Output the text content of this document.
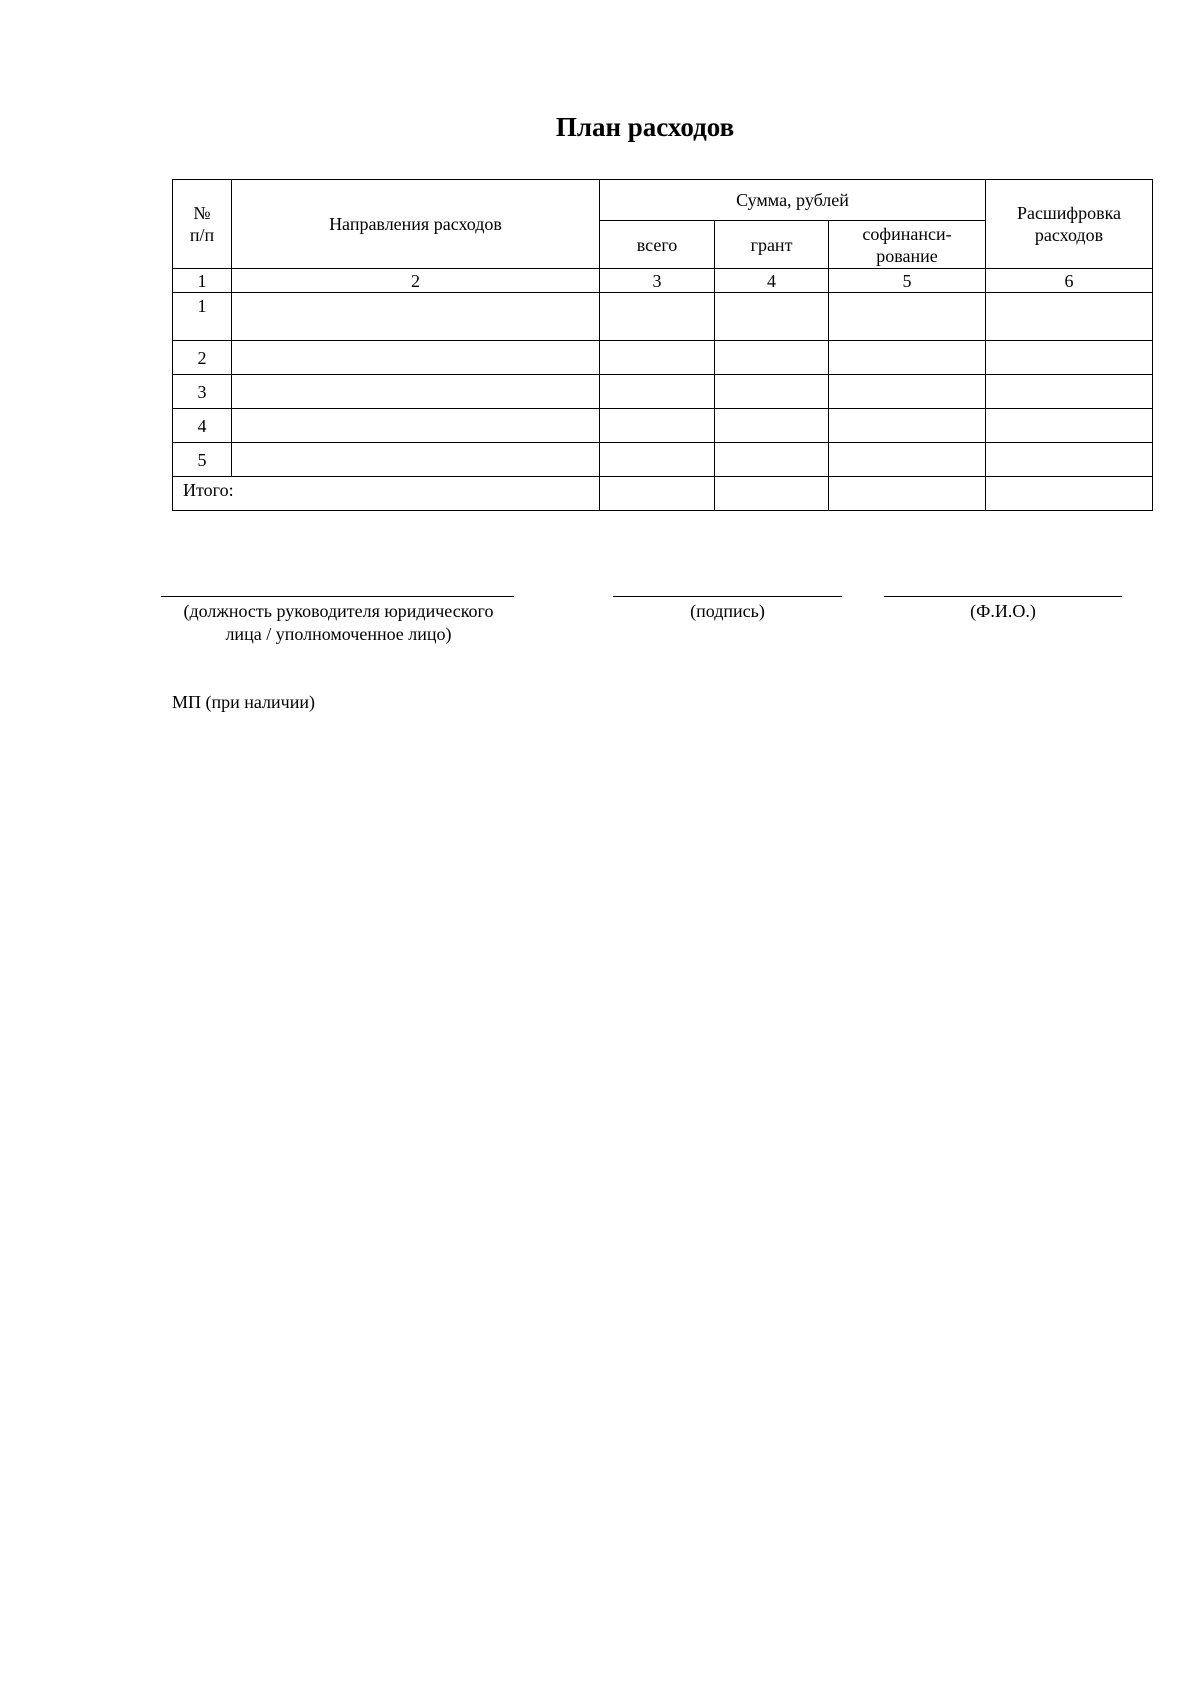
План расходов
№ п/п	Направления расходов	Сумма, рублей			Расшифровка расходов
		всего	грант	софинанси-рование	
1	2	3	4	5	6
1					
2					
3					
4					
5					
Итого:					
(должность руководителя юридического лица / уполномоченное лицо)
(подпись)	(Ф.И.О.)
МП (при наличии)
